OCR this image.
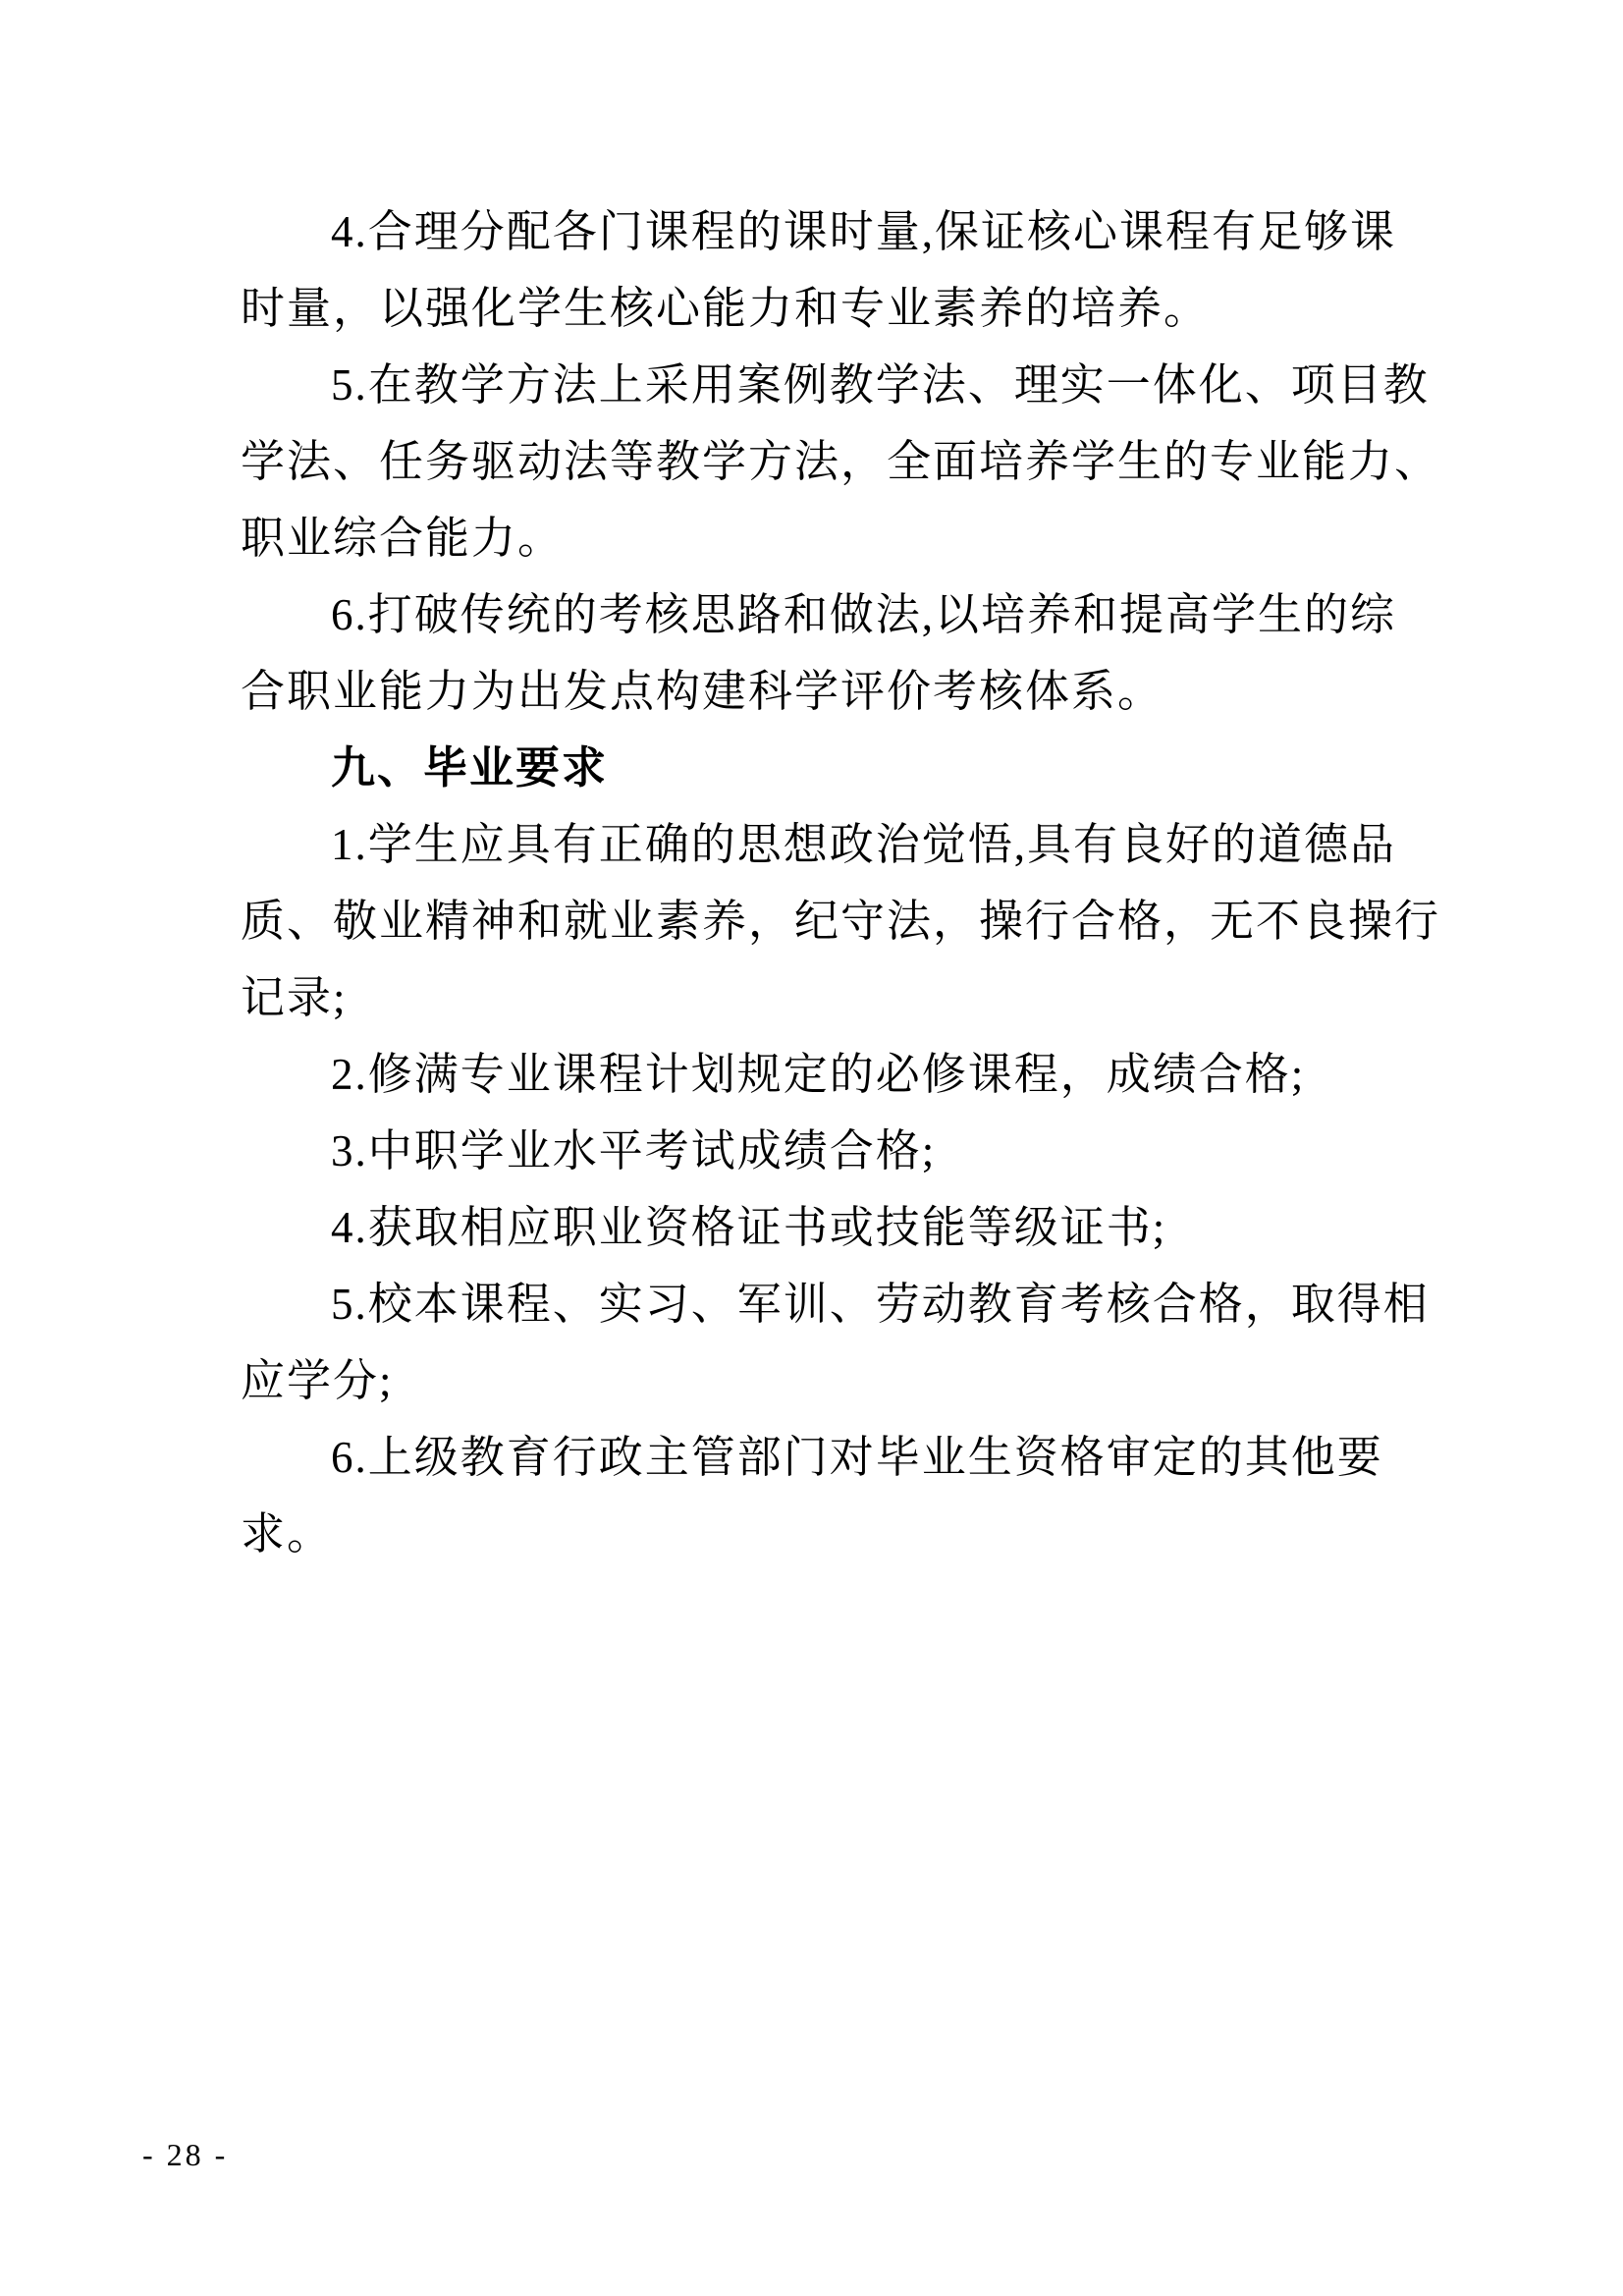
4.合理分配各门课程的课时量,保证核心课程有足够课
时量，以强化学生核心能力和专业素养的培养。
5.在教学方法上采用案例教学法、理实一体化、项目教
学法、任务驱动法等教学方法，全面培养学生的专业能力、
职业综合能力。
6.打破传统的考核思路和做法,以培养和提高学生的综
合职业能力为出发点构建科学评价考核体系。
九、毕业要求
1.学生应具有正确的思想政治觉悟,具有良好的道德品
质、敬业精神和就业素养，纪守法，操行合格，无不良操行
记录;
2.修满专业课程计划规定的必修课程，成绩合格;
3.中职学业水平考试成绩合格;
4.获取相应职业资格证书或技能等级证书;
5.校本课程、实习、军训、劳动教育考核合格，取得相
应学分;
6.上级教育行政主管部门对毕业生资格审定的其他要
求。
- 28 -
